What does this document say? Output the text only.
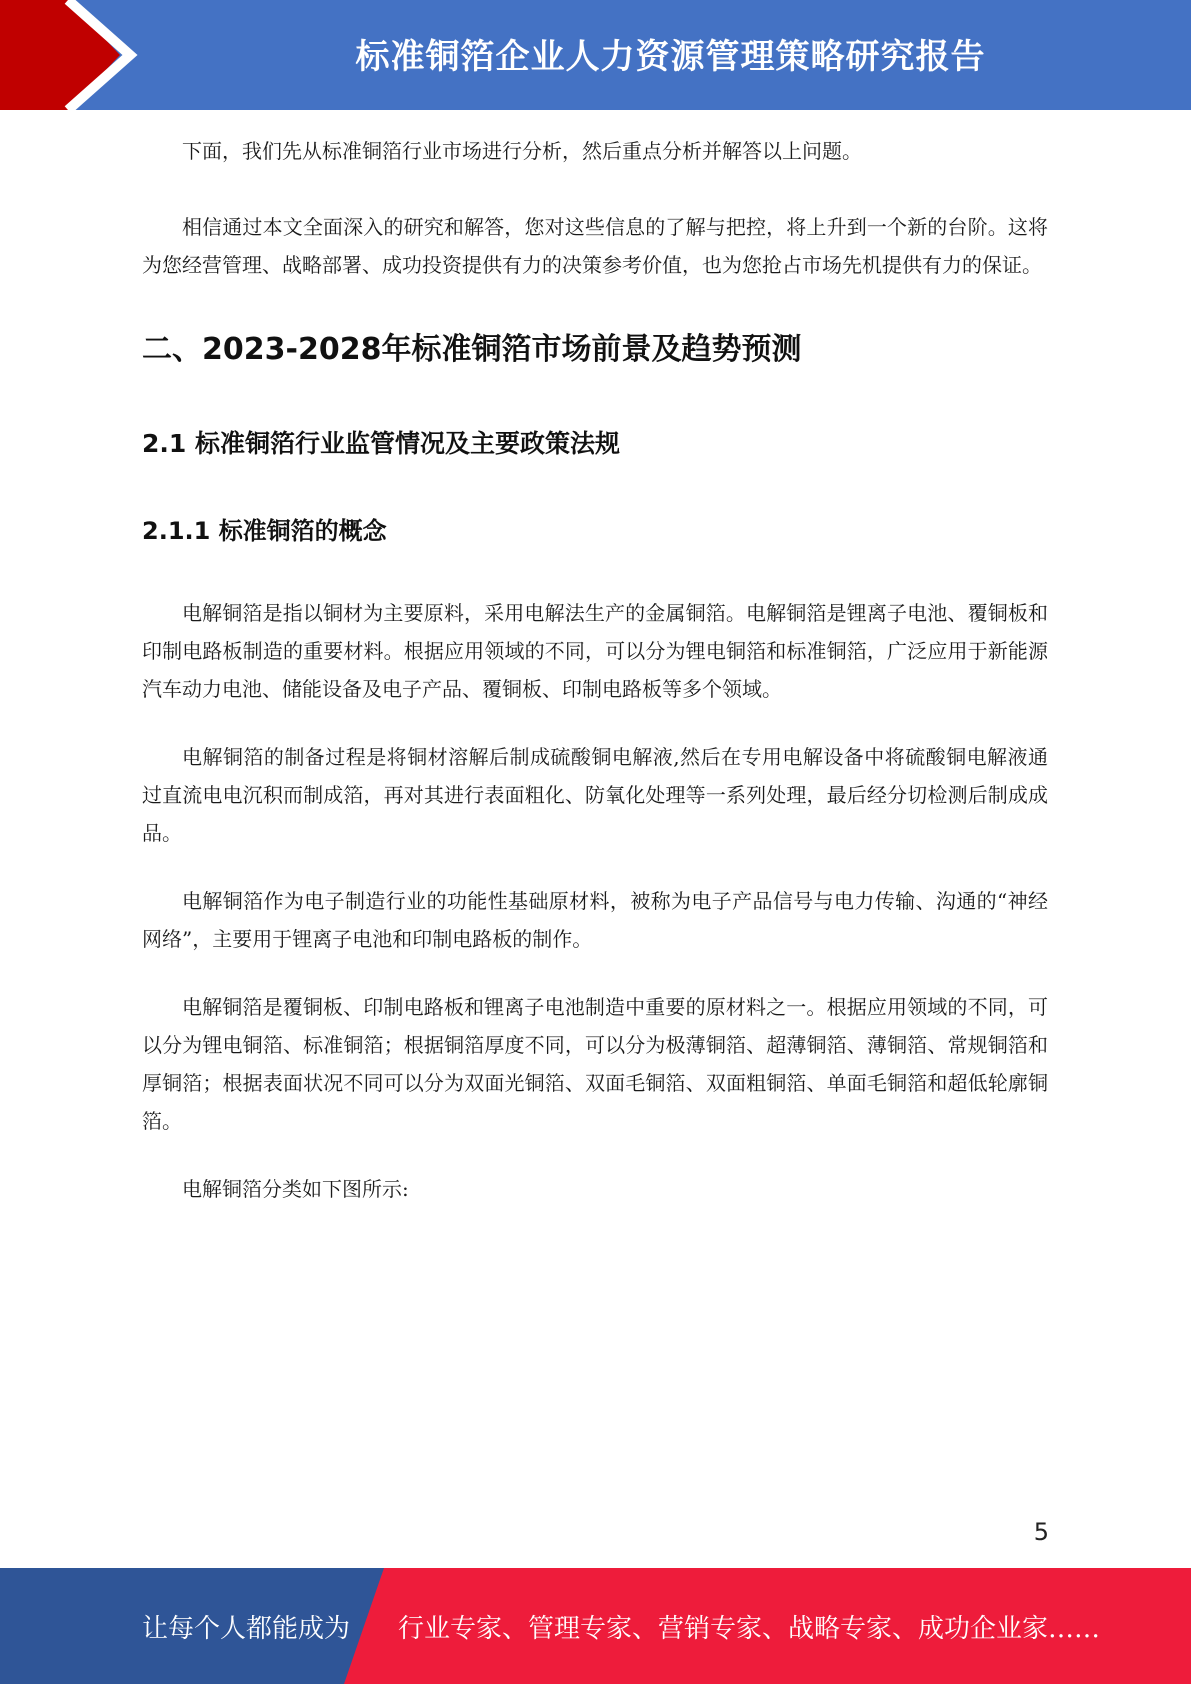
标准铜箔企业人力资源管理策略研究报告

下面，我们先从标准铜箔行业市场进行分析，然后重点分析并解答以上问题。

相信通过本文全面深入的研究和解答，您对这些信息的了解与把控，将上升到一个新的台阶。这将为您经营管理、战略部署、成功投资提供有力的决策参考价值，也为您抢占市场先机提供有力的保证。

二、2023-2028年标准铜箔市场前景及趋势预测
2.1 标准铜箔行业监管情况及主要政策法规
2.1.1 标准铜箔的概念

电解铜箔是指以铜材为主要原料，采用电解法生产的金属铜箔。电解铜箔是锂离子电池、覆铜板和印制电路板制造的重要材料。根据应用领域的不同，可以分为锂电铜箔和标准铜箔，广泛应用于新能源汽车动力电池、储能设备及电子产品、覆铜板、印制电路板等多个领域。

电解铜箔的制备过程是将铜材溶解后制成硫酸铜电解液,然后在专用电解设备中将硫酸铜电解液通过直流电电沉积而制成箔，再对其进行表面粗化、防氧化处理等一系列处理，最后经分切检测后制成成品。

电解铜箔作为电子制造行业的功能性基础原材料，被称为电子产品信号与电力传输、沟通的“神经网络”，主要用于锂离子电池和印制电路板的制作。

电解铜箔是覆铜板、印制电路板和锂离子电池制造中重要的原材料之一。根据应用领域的不同，可以分为锂电铜箔、标准铜箔；根据铜箔厚度不同，可以分为极薄铜箔、超薄铜箔、薄铜箔、常规铜箔和厚铜箔；根据表面状况不同可以分为双面光铜箔、双面毛铜箔、双面粗铜箔、单面毛铜箔和超低轮廓铜箔。

电解铜箔分类如下图所示:

5
让每个人都能成为 行业专家、管理专家、营销专家、战略专家、成功企业家……
